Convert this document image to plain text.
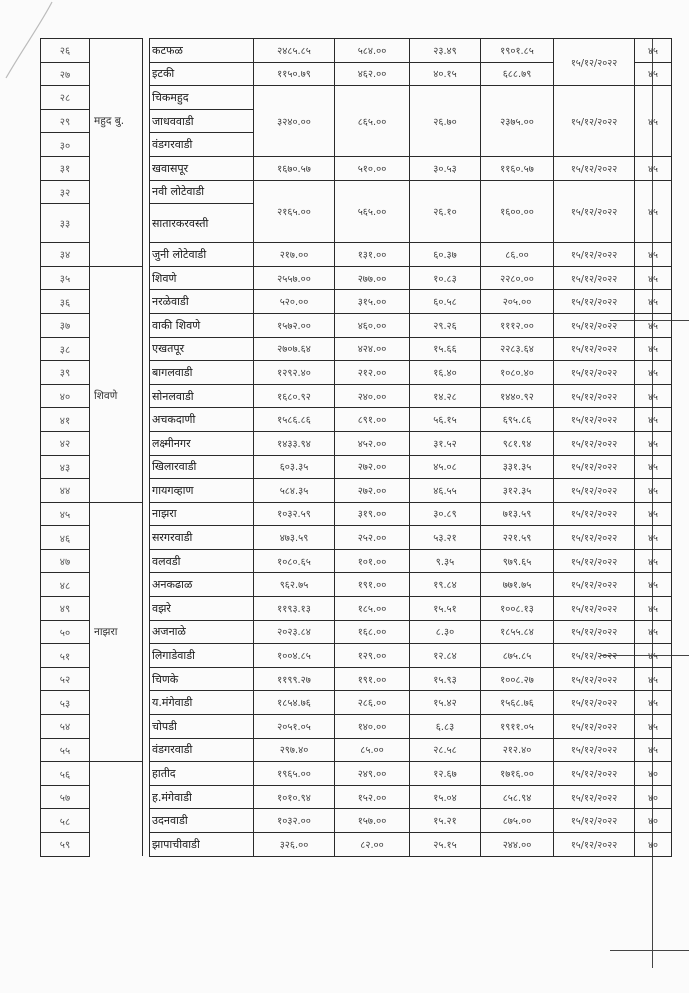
२६			कटफळ	२४८५.८५	५८४.००	२३.४९	१९०१.८५	१५/१२/२०२२	४५
२७			इटकी	११५०.७९	४६२.००	४०.१५	६८८.७९		४५
२८			चिकमहुद	३२४०.००	८६५.००	२६.७०	२३७५.००	१५/१२/२०२२	४५
२९	महुद बु.		जाधववाडी						
३०			वंडगरवाडी						
३१			खवासपूर	१६७०.५७	५१०.००	३०.५३	११६०.५७	१५/१२/२०२२	४५
३२			नवी लोटेवाडी	२१६५.००	५६५.००	२६.१०	१६००.००	१५/१२/२०२२	४५
३३			सातारकरवस्ती						
३४			जुनी लोटेवाडी	२१७.००	१३१.००	६०.३७	८६.००	१५/१२/२०२२	४५
३५			शिवणे	२५५७.००	२७७.००	१०.८३	२२८०.००	१५/१२/२०२२	४५
३६			नरळेवाडी	५२०.००	३१५.००	६०.५८	२०५.००	१५/१२/२०२२	४५
३७			वाकी शिवणे	१५७२.००	४६०.००	२९.२६	१११२.००	१५/१२/२०२२	४५
३८			एखतपूर	२७०७.६४	४२४.००	१५.६६	२२८३.६४	१५/१२/२०२२	४५
३९			बागलवाडी	१२९२.४०	२१२.००	१६.४०	१०८०.४०	१५/१२/२०२२	४५
४०	शिवणे		सोनलवाडी	१६८०.९२	२४०.००	१४.२८	१४४०.९२	१५/१२/२०२२	४५
४१			अचकदाणी	१५८६.८६	८९१.००	५६.१५	६९५.८६	१५/१२/२०२२	४५
४२			लक्ष्मीनगर	१४३३.९४	४५२.००	३१.५२	९८१.९४	१५/१२/२०२२	४५
४३			खिलारवाडी	६०३.३५	२७२.००	४५.०८	३३१.३५	१५/१२/२०२२	४५
४४			गायगव्हाण	५८४.३५	२७२.००	४६.५५	३१२.३५	१५/१२/२०२२	४५
४५			नाझरा	१०३२.५९	३१९.००	३०.८९	७१३.५९	१५/१२/२०२२	४५
४६			सरगरवाडी	४७३.५९	२५२.००	५३.२१	२२१.५९	१५/१२/२०२२	४५
४७			वलवडी	१०८०.६५	१०१.००	९.३५	९७९.६५	१५/१२/२०२२	४५
४८			अनकढाळ	९६२.७५	१९१.००	१९.८४	७७१.७५	१५/१२/२०२२	४५
४९			वझरे	११९३.१३	१८५.००	१५.५१	१००८.१३	१५/१२/२०२२	४५
५०	नाझरा		अजनाळे	२०२३.८४	१६८.००	८.३०	१८५५.८४	१५/१२/२०२२	४५
५१			लिगाडेवाडी	१००४.८५	१२९.००	१२.८४	८७५.८५	१५/१२/२०२२	४५
५२			चिणके	११९९.२७	१९१.००	१५.९३	१००८.२७	१५/१२/२०२२	४५
५३			य.मंगेवाडी	१८५४.७६	२८६.००	१५.४२	१५६८.७६	१५/१२/२०२२	४५
५४			चोपडी	२०५१.०५	१४०.००	६.८३	१९११.०५	१५/१२/२०२२	४५
५५			वंडगरवाडी	२९७.४०	८५.००	२८.५८	२१२.४०	१५/१२/२०२२	४५
५६			हातीद	१९६५.००	२४९.००	१२.६७	१७१६.००	१५/१२/२०२२	४०
५७			ह.मंगेवाडी	१०१०.९४	१५२.००	१५.०४	८५८.९४	१५/१२/२०२२	४०
५८			उदनवाडी	१०३२.००	१५७.००	१५.२१	८७५.००	१५/१२/२०२२	४०
५९			झापाचीवाडी	३२६.००	८२.००	२५.१५	२४४.००	१५/१२/२०२२	४०
